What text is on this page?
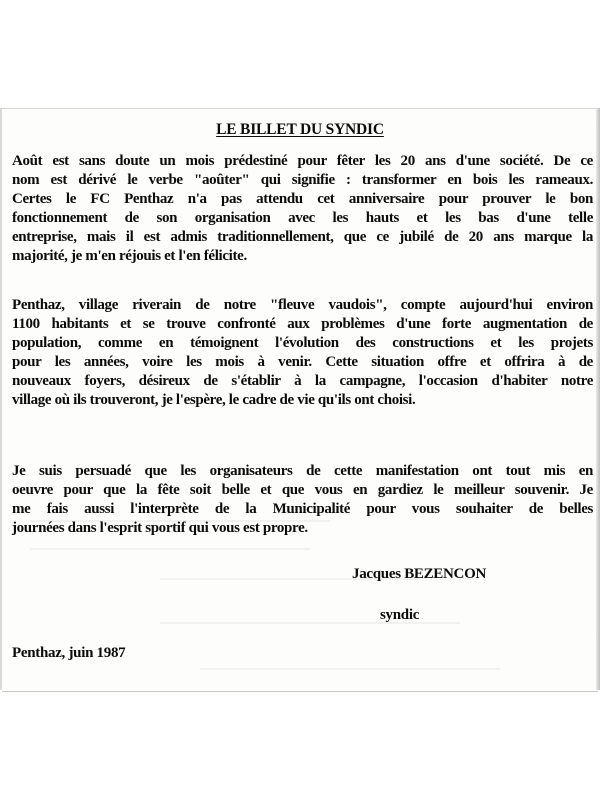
LE BILLET DU SYNDIC
Août est sans doute un mois prédestiné pour fêter les 20 ans d'une société. De ce
nom est dérivé le verbe "aoûter" qui signifie : transformer en bois les rameaux.
Certes le FC Penthaz n'a pas attendu cet anniversaire pour prouver le bon
fonctionnement de son organisation avec les hauts et les bas d'une telle
entreprise, mais il est admis traditionnellement, que ce jubilé de 20 ans marque la
majorité, je m'en réjouis et l'en félicite.
Penthaz, village riverain de notre "fleuve vaudois", compte aujourd'hui environ
1100 habitants et se trouve confronté aux problèmes d'une forte augmentation de
population, comme en témoignent l'évolution des constructions et les projets
pour les années, voire les mois à venir. Cette situation offre et offrira à de
nouveaux foyers, désireux de s'établir à la campagne, l'occasion d'habiter notre
village où ils trouveront, je l'espère, le cadre de vie qu'ils ont choisi.
Je suis persuadé que les organisateurs de cette manifestation ont tout mis en
oeuvre pour que la fête soit belle et que vous en gardiez le meilleur souvenir. Je
me fais aussi l'interprète de la Municipalité pour vous souhaiter de belles
journées dans l'esprit sportif qui vous est propre.
Jacques BEZENCON
syndic
Penthaz, juin 1987
